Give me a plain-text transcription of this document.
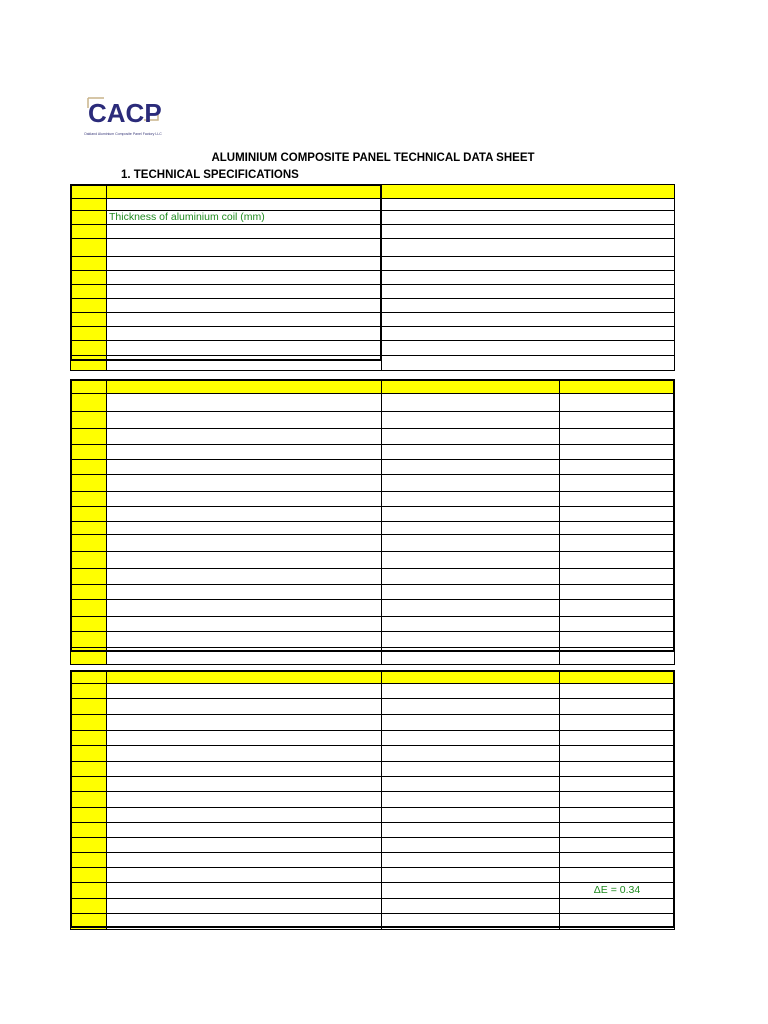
CACP
Oakland Aluminium Composite Panel Factory LLC
ALUMINIUM COMPOSITE PANEL TECHNICAL DATA SHEET
1. TECHNICAL SPECIFICATIONS

	Thickness of aluminium coil (mm)	

			ΔE = 0.34
